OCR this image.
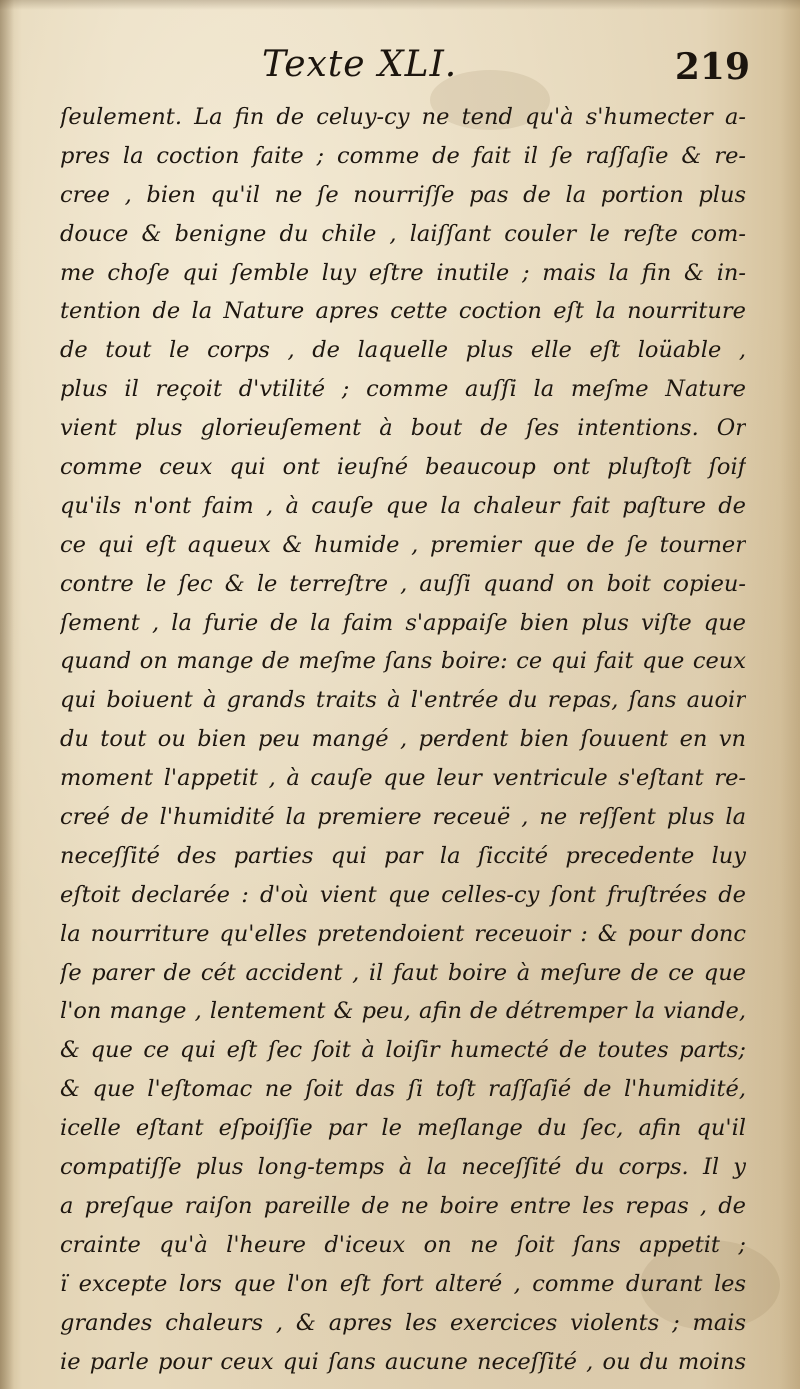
Texte XLI.	219
ſeulement. La fin de celuy-cy ne tend qu'à s'humecter a-
pres la coction faite ; comme de fait il ſe raſſaſie & re-
cree , bien qu'il ne ſe nourriſſe pas de la portion plus
douce & benigne du chile , laiſſant couler le reſte com-
me choſe qui ſemble luy eſtre inutile ; mais la fin & in-
tention de la Nature apres cette coction eſt la nourriture
de tout le corps , de laquelle plus elle eſt loüable ,
plus il reçoit d'vtilité ; comme auſſi la meſme Nature
vient plus glorieuſement à bout de ſes intentions. Or
comme ceux qui ont ieuſné beaucoup ont pluſtoſt ſoif
qu'ils n'ont faim , à cauſe que la chaleur fait paſture de
ce qui eſt aqueux & humide , premier que de ſe tourner
contre le ſec & le terreſtre , auſſi quand on boit copieu-
ſement , la furie de la faim s'appaiſe bien plus viſte que
quand on mange de meſme ſans boire: ce qui fait que ceux
qui boiuent à grands traits à l'entrée du repas, ſans auoir
du tout ou bien peu mangé , perdent bien ſouuent en vn
moment l'appetit , à cauſe que leur ventricule s'eſtant re-
creé de l'humidité la premiere receuë , ne reſſent plus la
neceſſité des parties qui par la ſiccité precedente luy
eſtoit declarée : d'où vient que celles-cy ſont fruſtrées de
la nourriture qu'elles pretendoient receuoir : & pour donc
ſe parer de cét accident , il faut boire à meſure de ce que
l'on mange , lentement & peu, afin de détremper la viande,
& que ce qui eſt ſec ſoit à loiſir humecté de toutes parts;
& que l'eſtomac ne ſoit das ſi toſt raſſaſié de l'humidité,
icelle eſtant eſpoiſſie par le meſlange du ſec, afin qu'il
compatiſſe plus long-temps à la neceſſité du corps. Il y
a preſque raiſon pareille de ne boire entre les repas , de
crainte qu'à l'heure d'iceux on ne ſoit ſans appetit ;
ï excepte lors que l'on eſt fort alteré , comme durant les
grandes chaleurs , & apres les exercices violents ; mais
ie parle pour ceux qui ſans aucune neceſſité , ou du moins
